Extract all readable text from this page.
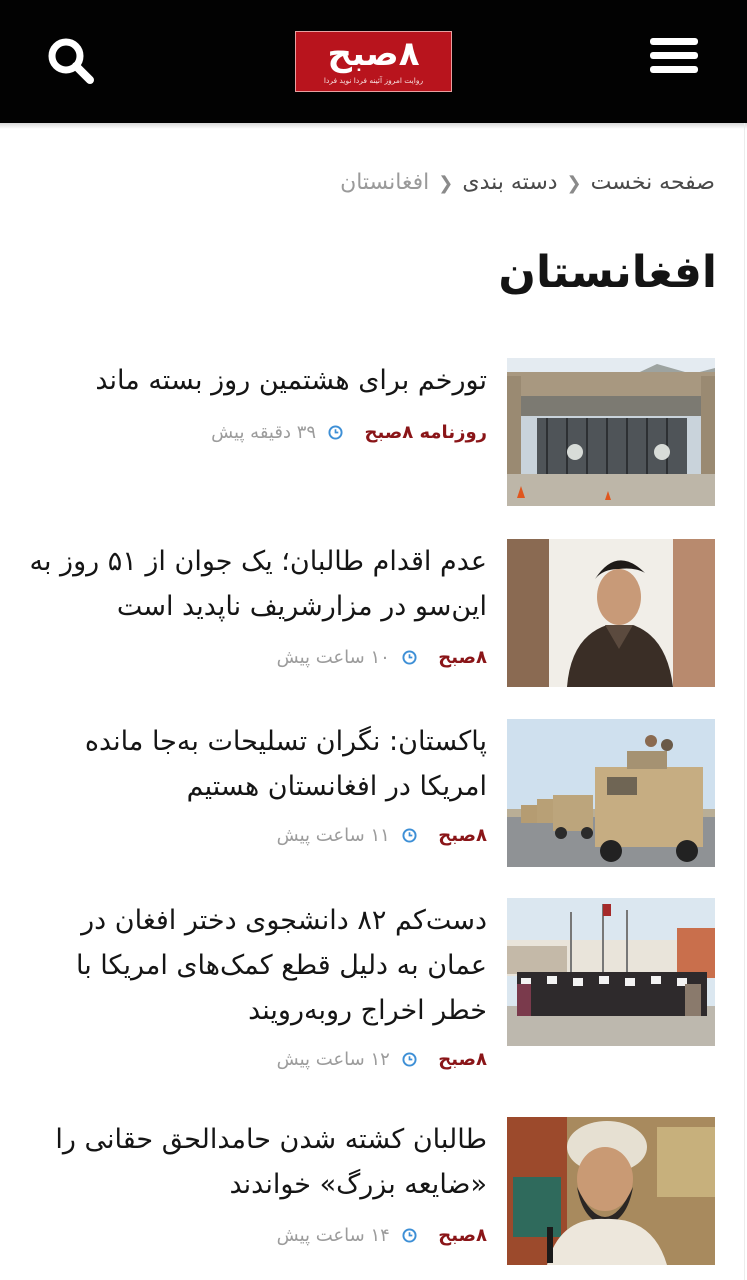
۸صبح
روایت امروز آئینه فردا نوید فردا
صفحه نخست❮دسته بندی❮افغانستان
افغانستان

تورخم برای هشتمین روز بسته ماند

روزنامه ۸صبح  ۳۹ دقیقه پیش

عدم اقدام طالبان؛ یک جوان از ۵۱ روز به این‌سو در مزارشریف ناپدید است

۸صبح  ۱۰ ساعت پیش

پاکستان: نگران تسلیحات به‌جا مانده امریکا در افغانستان هستیم

۸صبح  ۱۱ ساعت پیش

دست‌کم ۸۲ دانشجوی دختر افغان در عمان به دلیل قطع کمک‌های امریکا با خطر اخراج روبه‌رویند

۸صبح  ۱۲ ساعت پیش

طالبان کشته شدن حامدالحق حقانی را «ضایعه بزرگ» خواندند

۸صبح  ۱۴ ساعت پیش
